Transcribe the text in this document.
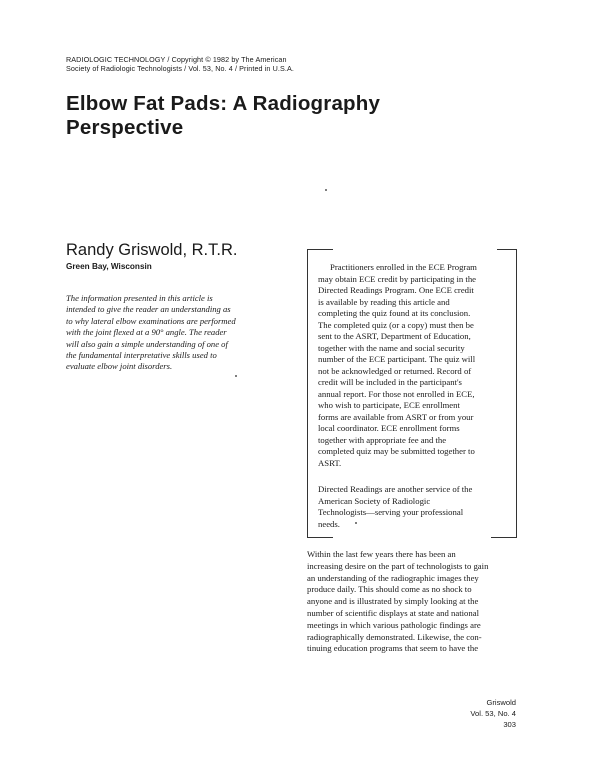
RADIOLOGIC TECHNOLOGY / Copyright © 1982 by The American
Society of Radiologic Technologists / Vol. 53, No. 4 / Printed in U.S.A.
Elbow Fat Pads: A Radiography
Perspective
Randy Griswold, R.T.R.
Green Bay, Wisconsin
The information presented in this article is
intended to give the reader an understanding as
to why lateral elbow examinations are performed
with the joint flexed at a 90° angle. The reader
will also gain a simple understanding of one of
the fundamental interpretative skills used to
evaluate elbow joint disorders.
Practitioners enrolled in the ECE Program
may obtain ECE credit by participating in the
Directed Readings Program. One ECE credit
is available by reading this article and
completing the quiz found at its conclusion.
The completed quiz (or a copy) must then be
sent to the ASRT, Department of Education,
together with the name and social security
number of the ECE participant. The quiz will
not be acknowledged or returned. Record of
credit will be included in the participant's
annual report. For those not enrolled in ECE,
who wish to participate, ECE enrollment
forms are available from ASRT or from your
local coordinator. ECE enrollment forms
together with appropriate fee and the
completed quiz may be submitted together to
ASRT.
Directed Readings are another service of the
American Society of Radiologic
Technologists—serving your professional
needs.
Within the last few years there has been an
increasing desire on the part of technologists to gain
an understanding of the radiographic images they
produce daily. This should come as no shock to
anyone and is illustrated by simply looking at the
number of scientific displays at state and national
meetings in which various pathologic findings are
radiographically demonstrated. Likewise, the con-
tinuing education programs that seem to have the
Griswold
Vol. 53, No. 4
303
